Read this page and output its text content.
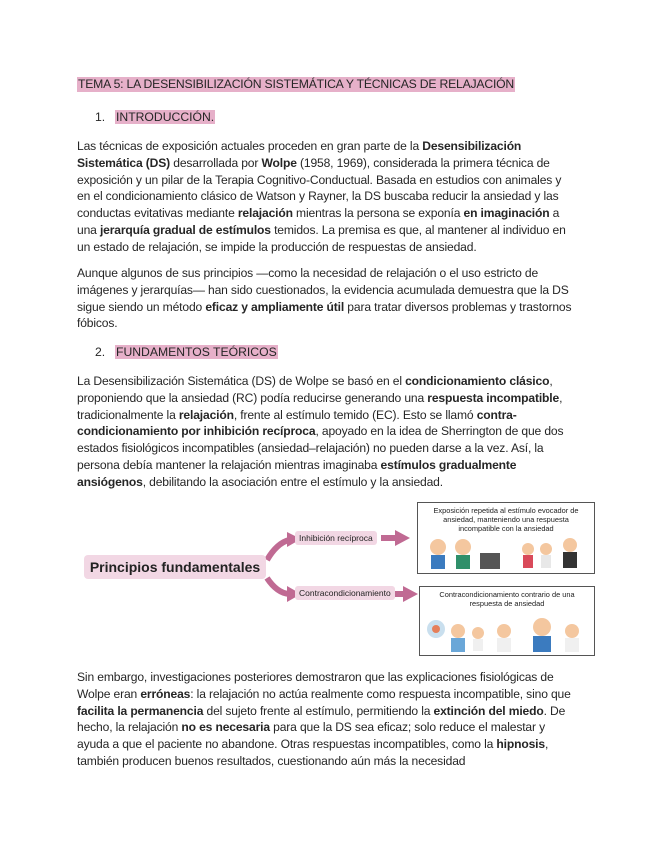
TEMA 5: LA DESENSIBILIZACIÓN SISTEMÁTICA Y TÉCNICAS DE RELAJACIÓN
1. INTRODUCCIÓN.
Las técnicas de exposición actuales proceden en gran parte de la Desensibilización Sistemática (DS) desarrollada por Wolpe (1958, 1969), considerada la primera técnica de exposición y un pilar de la Terapia Cognitivo-Conductual. Basada en estudios con animales y en el condicionamiento clásico de Watson y Rayner, la DS buscaba reducir la ansiedad y las conductas evitativas mediante relajación mientras la persona se exponía en imaginación a una jerarquía gradual de estímulos temidos. La premisa es que, al mantener al individuo en un estado de relajación, se impide la producción de respuestas de ansiedad.
Aunque algunos de sus principios —como la necesidad de relajación o el uso estricto de imágenes y jerarquías— han sido cuestionados, la evidencia acumulada demuestra que la DS sigue siendo un método eficaz y ampliamente útil para tratar diversos problemas y trastornos fóbicos.
2. FUNDAMENTOS TEÓRICOS
La Desensibilización Sistemática (DS) de Wolpe se basó en el condicionamiento clásico, proponiendo que la ansiedad (RC) podía reducirse generando una respuesta incompatible, tradicionalmente la relajación, frente al estímulo temido (EC). Esto se llamó contra-condicionamiento por inhibición recíproca, apoyado en la idea de Sherrington de que dos estados fisiológicos incompatibles (ansiedad–relajación) no pueden darse a la vez. Así, la persona debía mantener la relajación mientras imaginaba estímulos gradualmente ansiógenos, debilitando la asociación entre el estímulo y la ansiedad.
Principios fundamentales
Inhibición recíproca
Contracondicionamiento
Exposición repetida al estímulo evocador de ansiedad, manteniendo una respuesta incompatible con la ansiedad
Contracondicionamiento contrario de una respuesta de ansiedad
Sin embargo, investigaciones posteriores demostraron que las explicaciones fisiológicas de Wolpe eran erróneas: la relajación no actúa realmente como respuesta incompatible, sino que facilita la permanencia del sujeto frente al estímulo, permitiendo la extinción del miedo. De hecho, la relajación no es necesaria para que la DS sea eficaz; solo reduce el malestar y ayuda a que el paciente no abandone. Otras respuestas incompatibles, como la hipnosis, también producen buenos resultados, cuestionando aún más la necesidad
